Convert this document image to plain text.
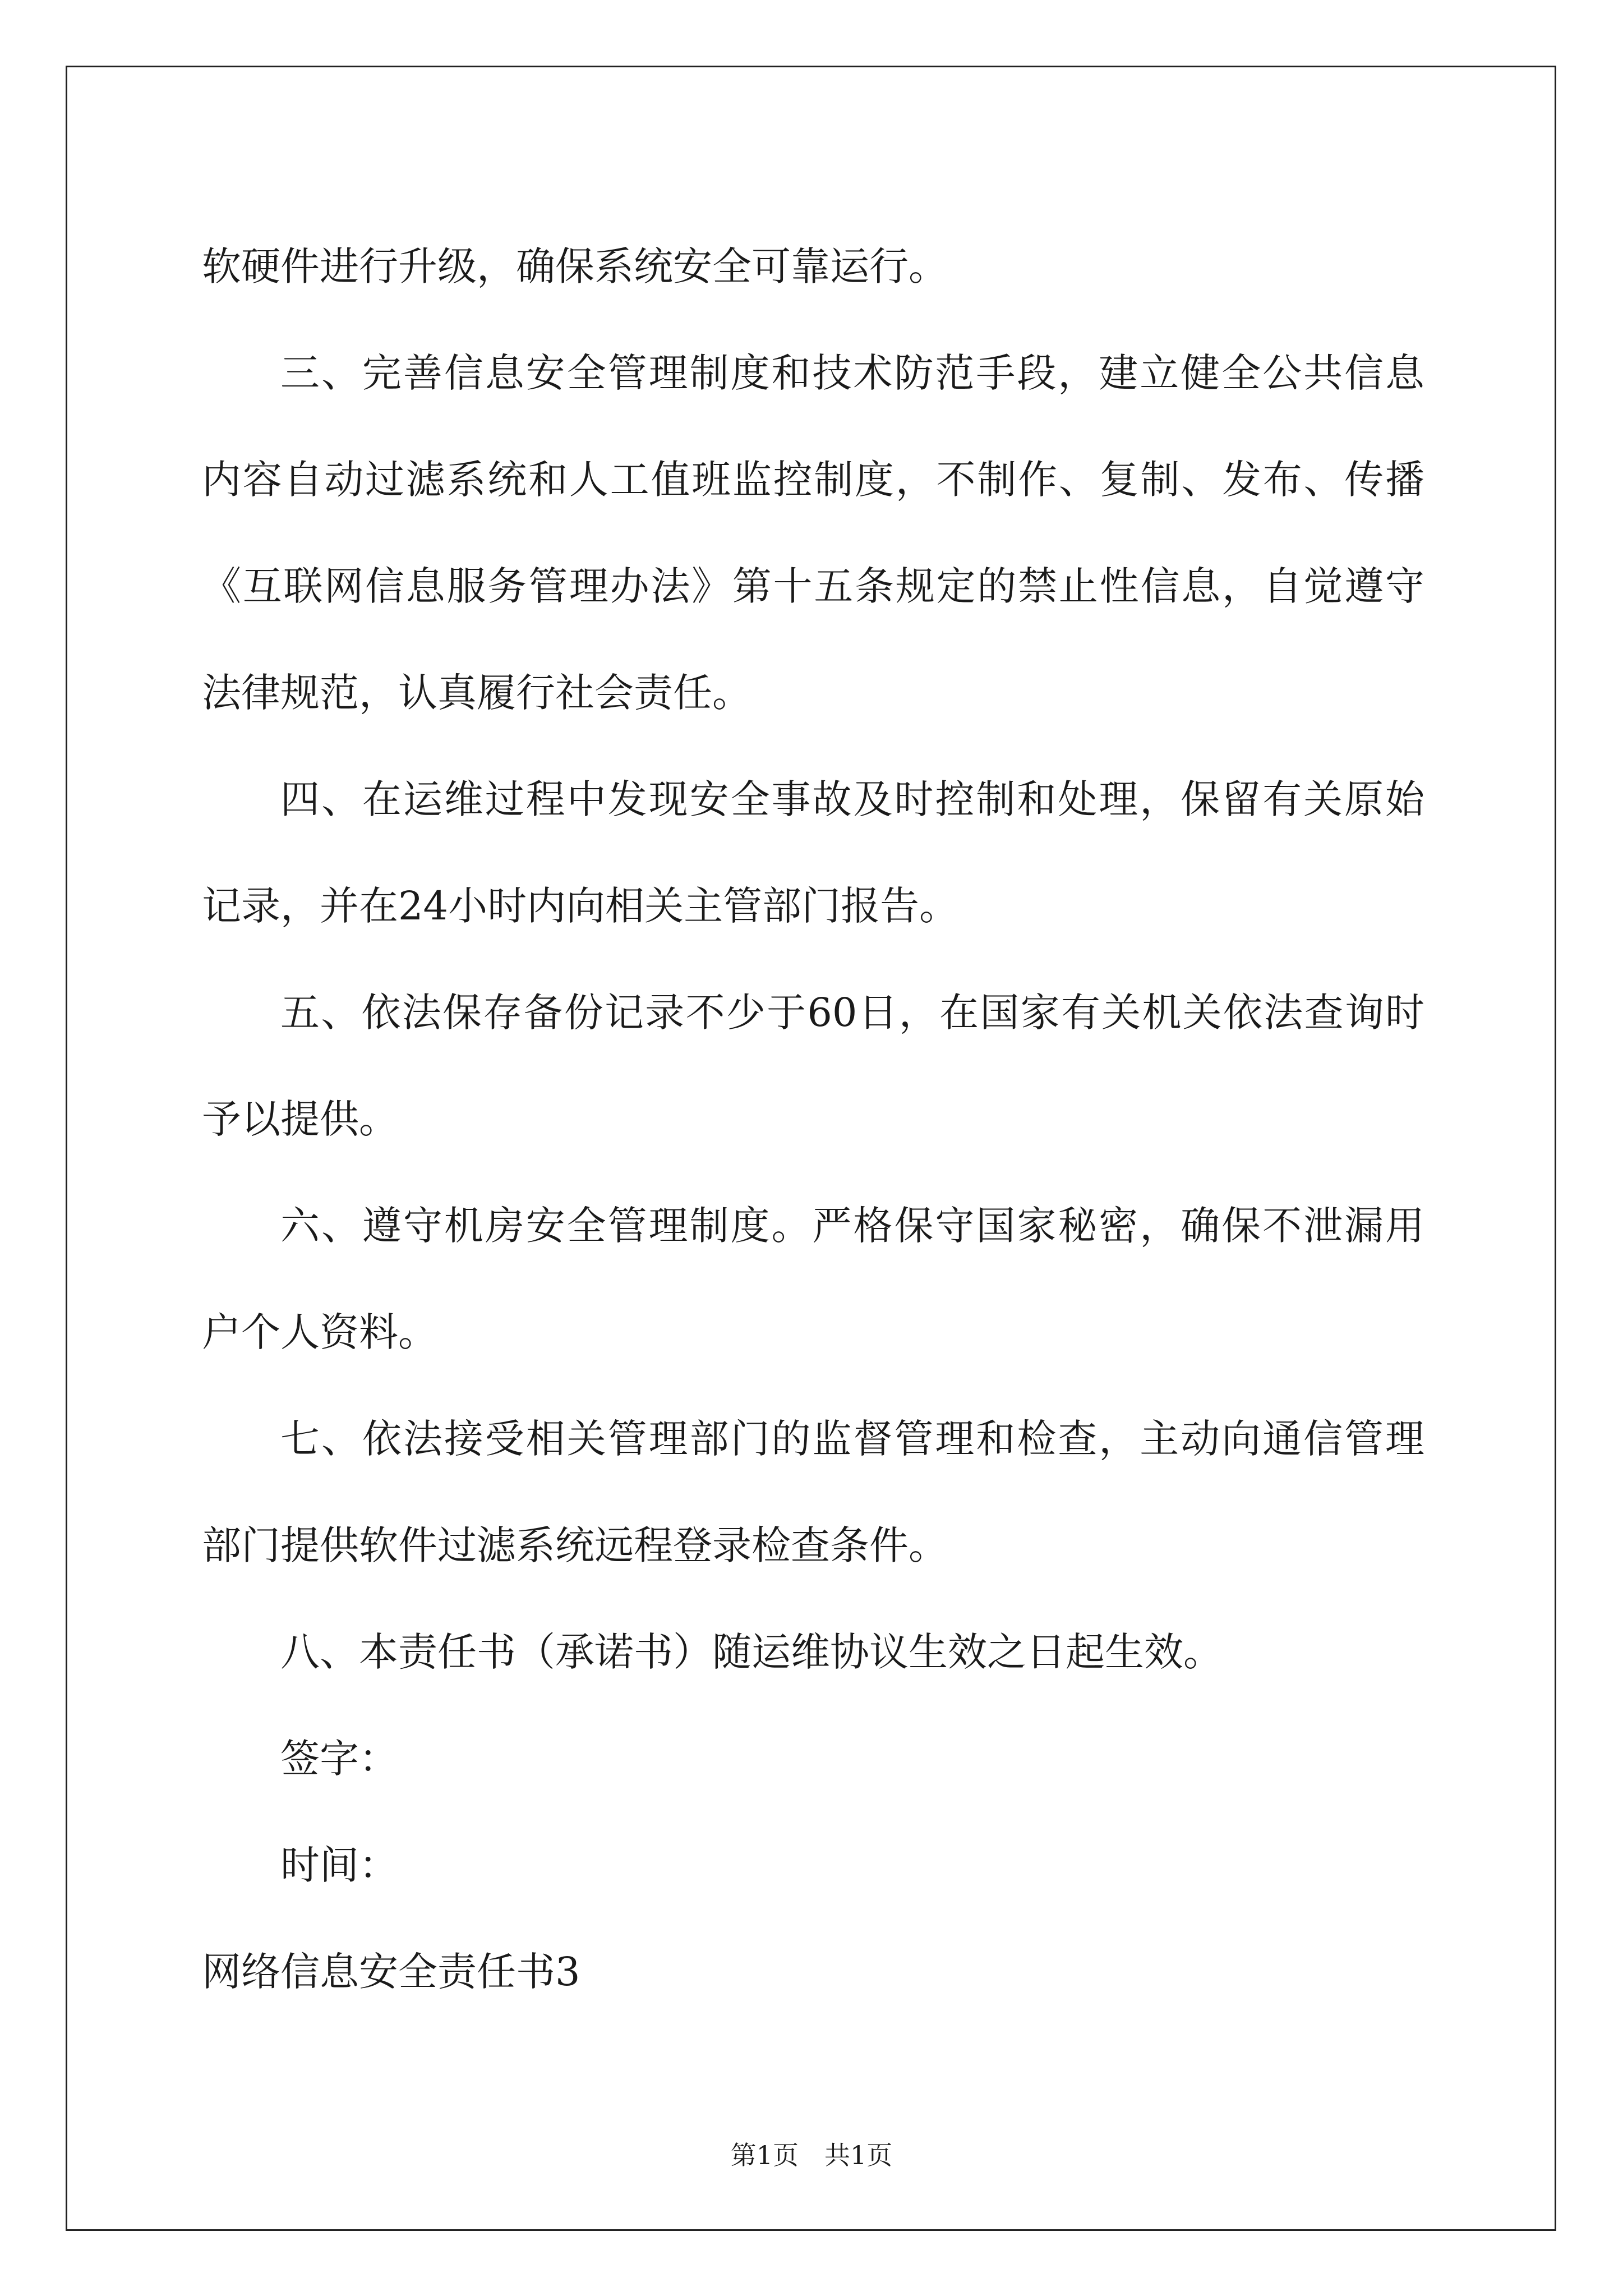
软硬件进行升级，确保系统安全可靠运行。
三、完善信息安全管理制度和技术防范手段，建立健全公共信息
内容自动过滤系统和人工值班监控制度，不制作、复制、发布、传播
《互联网信息服务管理办法》第十五条规定的禁止性信息，自觉遵守
法律规范，认真履行社会责任。
四、在运维过程中发现安全事故及时控制和处理，保留有关原始
记录，并在24小时内向相关主管部门报告。
五、依法保存备份记录不少于60日，在国家有关机关依法查询时
予以提供。
六、遵守机房安全管理制度。严格保守国家秘密，确保不泄漏用
户个人资料。
七、依法接受相关管理部门的监督管理和检查，主动向通信管理
部门提供软件过滤系统远程登录检查条件。
八、本责任书（承诺书）随运维协议生效之日起生效。
签字：
时间：
网络信息安全责任书3
第1页　共1页
